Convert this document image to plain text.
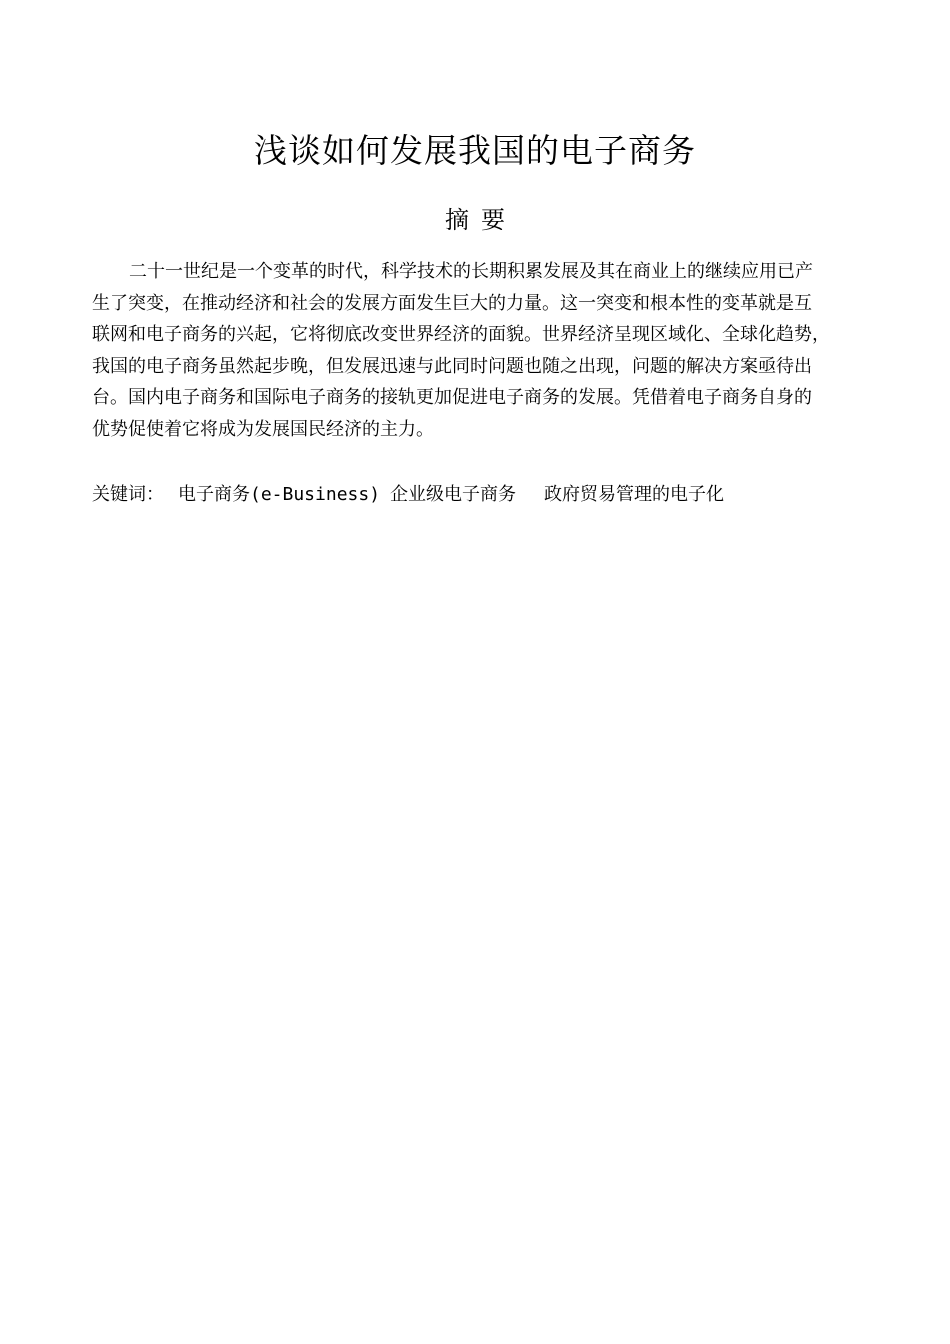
浅谈如何发展我国的电子商务
摘 要
二十一世纪是一个变革的时代，科学技术的长期积累发展及其在商业上的继续应用已产
生了突变，在推动经济和社会的发展方面发生巨大的力量。这一突变和根本性的变革就是互
联网和电子商务的兴起，它将彻底改变世界经济的面貌。世界经济呈现区域化、全球化趋势，
我国的电子商务虽然起步晚，但发展迅速与此同时问题也随之出现，问题的解决方案亟待出
台。国内电子商务和国际电子商务的接轨更加促进电子商务的发展。凭借着电子商务自身的
优势促使着它将成为发展国民经济的主力。
关键词： 电子商务(e-Business) 企业级电子商务 政府贸易管理的电子化
